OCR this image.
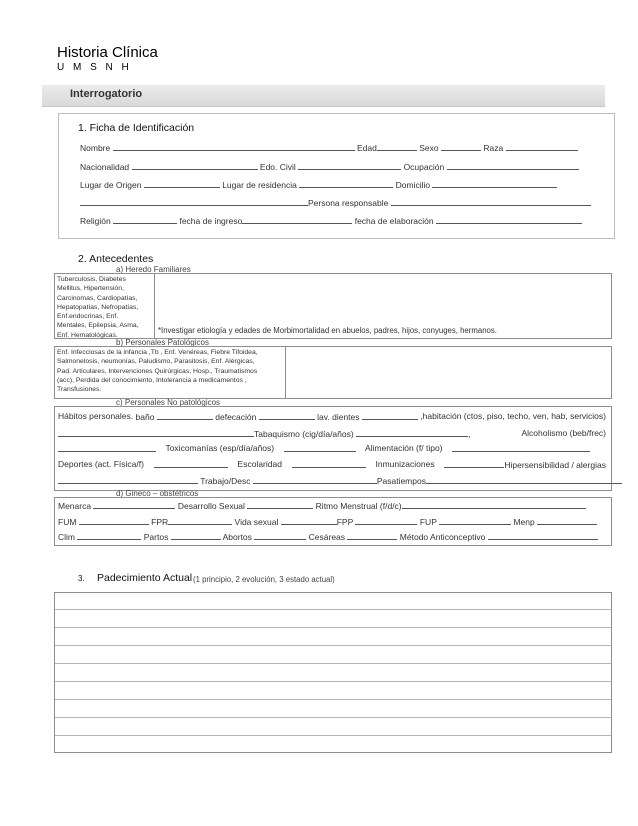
Historia Clínica
U M S N H
Interrogatorio
1. Ficha de Identificación
Nombre	Edad	Sexo	Raza
Nacionalidad	Edo. Civil	Ocupación
Lugar de Origen	Lugar de residencia	Domicilio
Persona responsable
Religión	fecha de ingreso	fecha de elaboración
2. Antecedentes
a) Heredo Familiares
Tuberculosis, Diabetes
Mellitus, Hipertensión,
Carcinomas, Cardiopatías,
Hepatopatías, Nefropatías,
Enf.endocrinas, Enf.
Mentales, Epilepsia, Asma,
Enf. Hematológicas.
*Investigar etiología y edades de Morbimortalidad en abuelos, padres, hijos, conyuges, hermanos.
b) Personales Patológicos
Enf. Infecciosas de la infancia ,Tb , Enf. Venéreas, Fiebre Tifoidea,
Salmonelosis, neumonías, Paludismo, Parasitosis, Enf. Alérgicas,
Pad. Articulares, Intervenciones Quirúrgicas, Hosp., Traumatismos
(acc), Perdida del conocimiento, Intolerancia a medicamentos ,
Transfusiones.
c) Personales No patológicos
Hábitos personales. baño	defecación	lav. dientes	,habitación (ctos, piso, techo, ven, hab, servicios)
Tabaquismo (cig/día/años)	,	Alcoholismo (beb/frec)
Toxicomanías (esp/día/años)	Alimentación (f/ tipo)
Deportes (act. Física/f)	Escolaridad	Inmunizaciones	Hipersensibilidad / alergias
Trabajo/Desc	Pasatiempos
d) Gineco – obstétricos
Menarca	Desarrollo Sexual	Ritmo Menstrual (f/d/c)
FUM	FPR	Vida sexual	FPP	FUP	Menp
Clim	Partos	Abortos	Cesáreas	Método Anticonceptivo
3. Padecimiento Actual (1 principio, 2 evolución, 3 estado actual)
